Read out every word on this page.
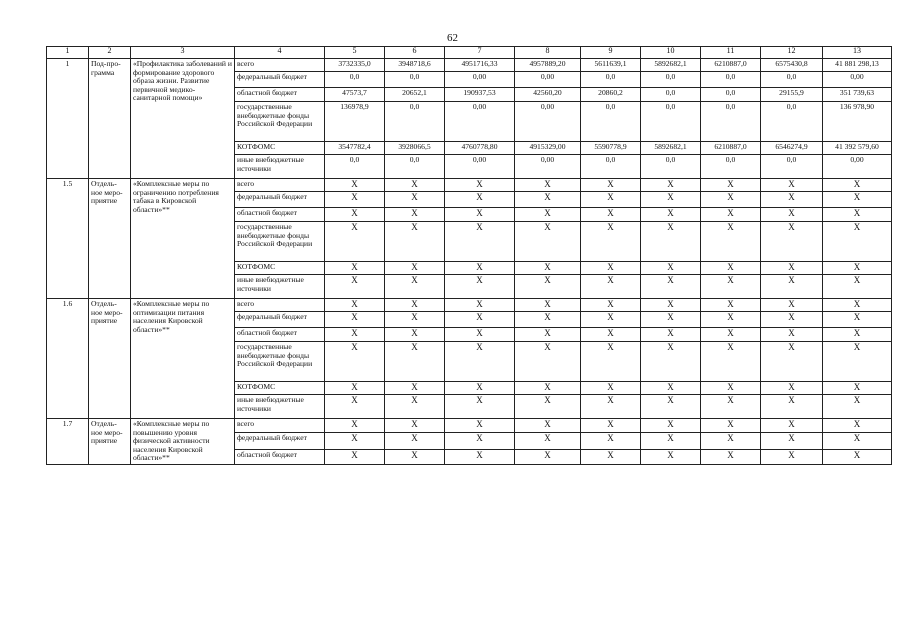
62
1	2	3	4	5	6	7	8	9	10	11	12	13
1	Под-про-грамма	«Профилактика заболеваний и формирование здорового образа жизни. Развитие первичной медико-санитарной помощи»	всего	3732335,0	3948718,6	4951716,33	4957889,20	5611639,1	5892682,1	6210887,0	6575430,8	41 881 298,13
			федеральный бюджет	0,0	0,0	0,00	0,00	0,0	0,0	0,0	0,0	0,00
			областной бюджет	47573,7	20652,1	190937,53	42560,20	20860,2	0,0	0,0	29155,9	351 739,63
			государственные внебюджетные фонды Российской Федерации	136978,9	0,0	0,00	0,00	0,0	0,0	0,0	0,0	136 978,90
			КОТФОМС	3547782,4	3928066,5	4760778,80	4915329,00	5590778,9	5892682,1	6210887,0	6546274,9	41 392 579,60
			иные внебюджетные источники	0,0	0,0	0,00	0,00	0,0	0,0	0,0	0,0	0,00
1.5	Отдель-ное меро-приятие	«Комплексные меры по ограничению потребления табака в Кировской области»**	всего	Х	Х	Х	Х	Х	Х	Х	Х	Х
			федеральный бюджет	Х	Х	Х	Х	Х	Х	Х	Х	Х
			областной бюджет	Х	Х	Х	Х	Х	Х	Х	Х	Х
			государственные внебюджетные фонды Российской Федерации	Х	Х	Х	Х	Х	Х	Х	Х	Х
			КОТФОМС	Х	Х	Х	Х	Х	Х	Х	Х	Х
			иные внебюджетные источники	Х	Х	Х	Х	Х	Х	Х	Х	Х
1.6	Отдель-ное меро-приятие	«Комплексные меры по оптимизации питания населения Кировской области»**	всего	Х	Х	Х	Х	Х	Х	Х	Х	Х
			федеральный бюджет	Х	Х	Х	Х	Х	Х	Х	Х	Х
			областной бюджет	Х	Х	Х	Х	Х	Х	Х	Х	Х
			государственные внебюджетные фонды Российской Федерации	Х	Х	Х	Х	Х	Х	Х	Х	Х
			КОТФОМС	Х	Х	Х	Х	Х	Х	Х	Х	Х
			иные внебюджетные источники	Х	Х	Х	Х	Х	Х	Х	Х	Х
1.7	Отдель-ное меро-приятие	«Комплексные меры по повышению уровня физической активности населения Кировской области»**	всего	Х	Х	Х	Х	Х	Х	Х	Х	Х
			федеральный бюджет	Х	Х	Х	Х	Х	Х	Х	Х	Х
			областной бюджет	Х	Х	Х	Х	Х	Х	Х	Х	Х
